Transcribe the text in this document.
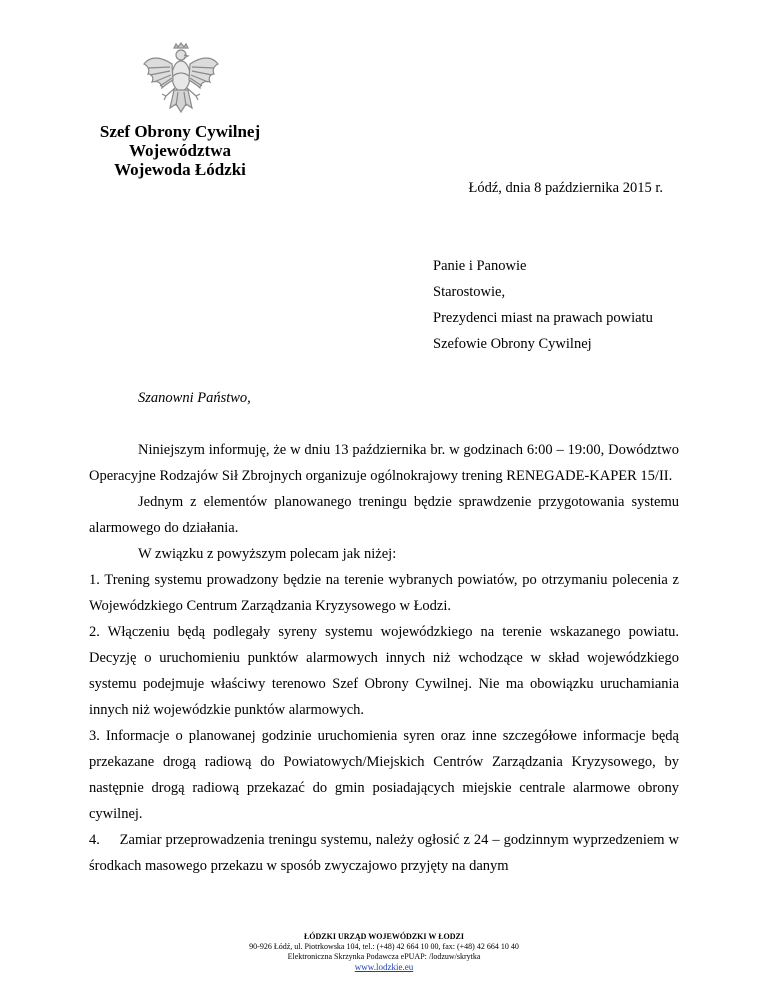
Szef Obrony Cywilnej
Województwa
Wojewoda Łódzki
Łódź, dnia 8 października 2015 r.
Panie i Panowie
Starostowie,
Prezydenci miast na prawach powiatu
Szefowie Obrony Cywilnej
Szanowni Państwo,

Niniejszym informuję, że w dniu 13 października br. w godzinach 6:00 – 19:00, Dowództwo Operacyjne Rodzajów Sił Zbrojnych organizuje ogólnokrajowy trening RENEGADE-KAPER 15/II.

Jednym z elementów planowanego treningu będzie sprawdzenie przygotowania systemu alarmowego do działania.

W związku z powyższym polecam jak niżej:

1. Trening systemu prowadzony będzie na terenie wybranych powiatów, po otrzymaniu polecenia z Wojewódzkiego Centrum Zarządzania Kryzysowego w Łodzi.

2. Włączeniu będą podlegały syreny systemu wojewódzkiego na terenie wskazanego powiatu. Decyzję o uruchomieniu punktów alarmowych innych niż wchodzące w skład wojewódzkiego systemu podejmuje właściwy terenowo Szef Obrony Cywilnej. Nie ma obowiązku uruchamiania innych niż wojewódzkie punktów alarmowych.

3. Informacje o planowanej godzinie uruchomienia syren oraz inne szczegółowe informacje będą przekazane drogą radiową do Powiatowych/Miejskich Centrów Zarządzania Kryzysowego, by następnie drogą radiową przekazać do gmin posiadających miejskie centrale alarmowe obrony cywilnej.

4.     Zamiar przeprowadzenia treningu systemu, należy ogłosić z 24 – godzinnym wyprzedzeniem w środkach masowego przekazu w sposób zwyczajowo przyjęty na danym

ŁÓDZKI URZĄD WOJEWÓDZKI W ŁODZI
90-926 Łódź, ul. Piotrkowska 104, tel.: (+48) 42 664 10 00, fax: (+48) 42 664 10 40
Elektroniczna Skrzynka Podawcza ePUAP: /lodzuw/skrytka
www.lodzkie.eu
